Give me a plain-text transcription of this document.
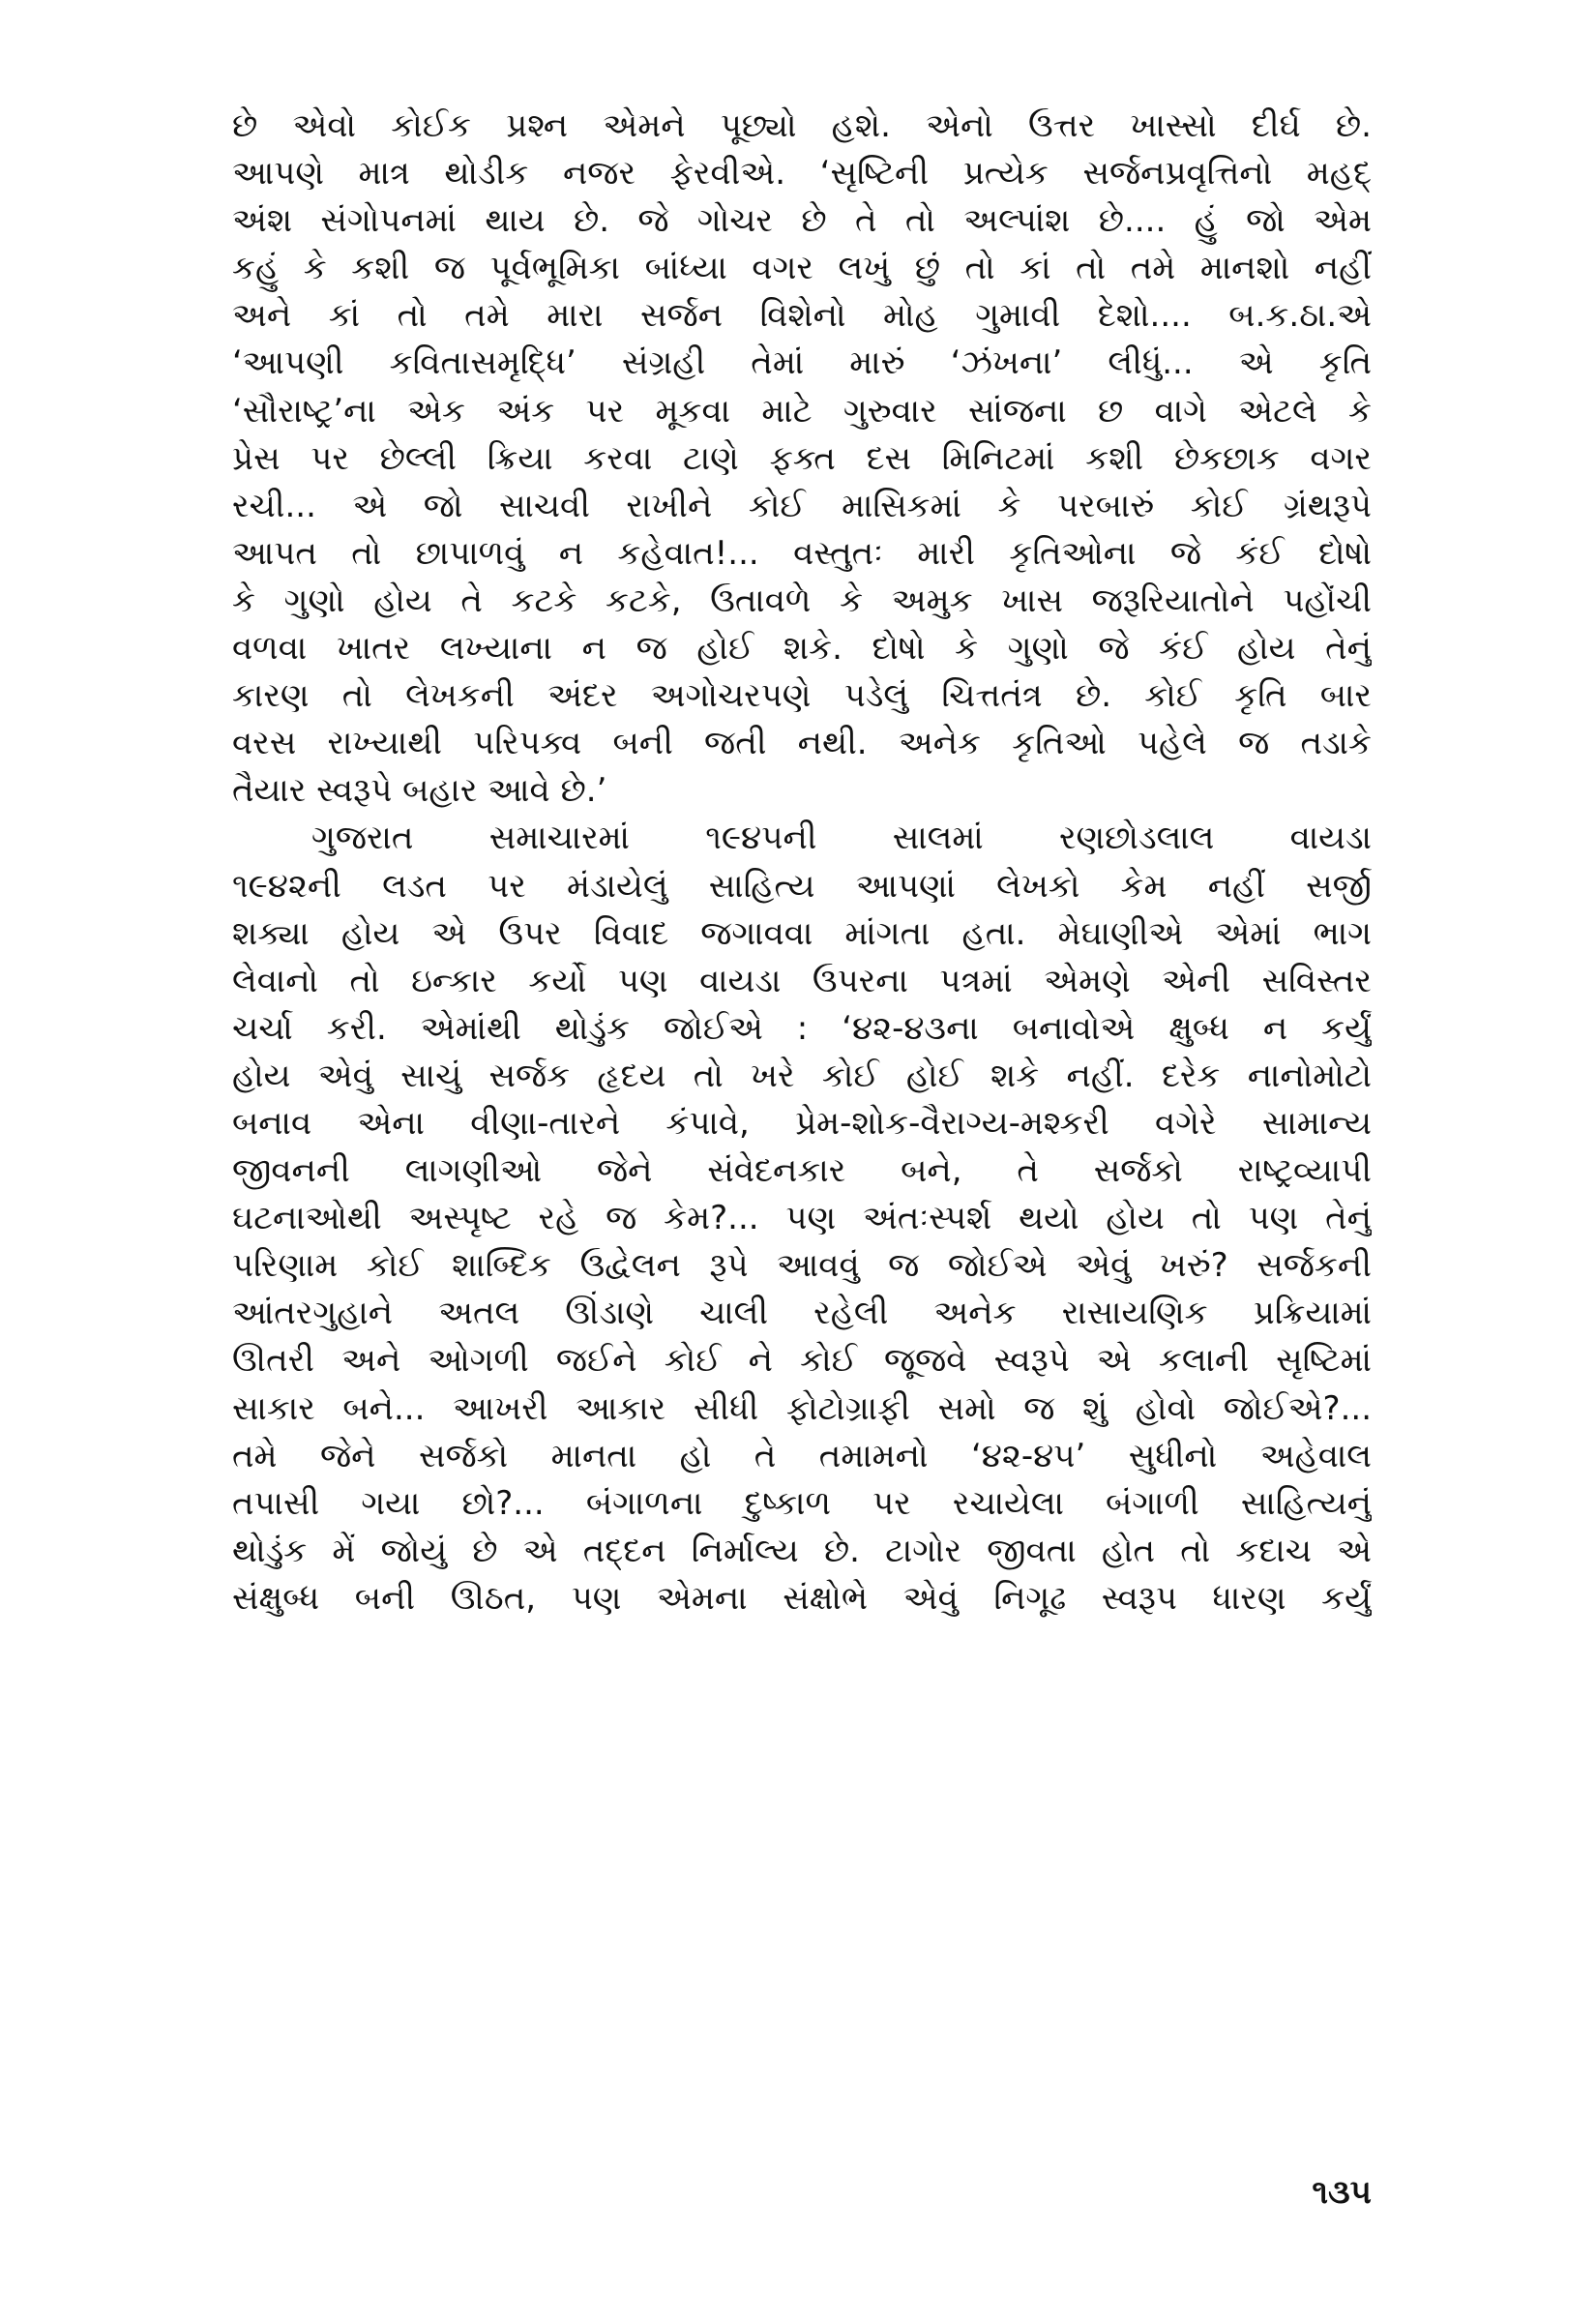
છે એવો કોઈક પ્રશ્ન એમને પૂછ્યો હશે. એનો ઉત્તર ખાસ્સો દીર્ઘ છે.
આપણે માત્ર થોડીક નજર ફેરવીએ. ‘સૃષ્ટિની પ્રત્યેક સર્જનપ્રવૃત્તિનો મહદ્
અંશ સંગોપનમાં થાય છે. જે ગોચર છે તે તો અલ્પાંશ છે.... હું જો એમ
કહું કે કશી જ પૂર્વભૂમિકા બાંધ્યા વગર લખું છું તો કાં તો તમે માનશો નહીં
અને કાં તો તમે મારા સર્જન વિશેનો મોહ ગુમાવી દેશો.... બ.ક.ઠા.એ
‘આપણી કવિતાસમૃદ્ધિ’ સંગ્રહી તેમાં મારું ‘ઝંખના’ લીધું... એ કૃતિ
‘સૌરાષ્ટ્ર’ના એક અંક પર મૂકવા માટે ગુરુવાર સાંજના છ વાગે એટલે કે
પ્રેસ પર છેલ્લી ક્રિયા કરવા ટાણે ફક્ત દસ મિનિટમાં કશી છેકછાક વગર
રચી... એ જો સાચવી રાખીને કોઈ માસિકમાં કે પરબારું કોઈ ગ્રંથરૂપે
આપત તો છાપાળવું ન કહેવાત!... વસ્તુતઃ મારી કૃતિઓના જે કંઈ દોષો
કે ગુણો હોય તે કટકે કટકે, ઉતાવળે કે અમુક ખાસ જરૂરિયાતોને પહોંચી
વળવા ખાતર લખ્યાના ન જ હોઈ શકે. દોષો કે ગુણો જે કંઈ હોય તેનું
કારણ તો લેખકની અંદર અગોચરપણે પડેલું ચિત્તતંત્ર છે. કોઈ કૃતિ બાર
વરસ રાખ્યાથી પરિપક્વ બની જતી નથી. અનેક કૃતિઓ પહેલે જ તડાકે
તૈયાર સ્વરૂપે બહાર આવે છે.’
ગુજરાત સમાચારમાં ૧૯૪૫ની સાલમાં રણછોડલાલ વાયડા
૧૯૪૨ની લડત પર મંડાયેલું સાહિત્ય આપણાં લેખકો કેમ નહીં સર્જી
શક્યા હોય એ ઉપર વિવાદ જગાવવા માંગતા હતા. મેઘાણીએ એમાં ભાગ
લેવાનો તો ઇન્કાર કર્યો પણ વાયડા ઉપરના પત્રમાં એમણે એની સવિસ્તર
ચર્ચા કરી. એમાંથી થોડુંક જોઈએ : ‘૪૨-૪૩ના બનાવોએ ક્ષુબ્ધ ન કર્યું
હોય એવું સાચું સર્જક હૃદય તો ખરે કોઈ હોઈ શકે નહીં. દરેક નાનોમોટો
બનાવ એના વીણા-તારને કંપાવે, પ્રેમ-શોક-વૈરાગ્ય-મશ્કરી વગેરે સામાન્ય
જીવનની લાગણીઓ જેને સંવેદનકાર બને, તે સર્જકો રાષ્ટ્રવ્યાપી
ઘટનાઓથી અસ્પૃષ્ટ રહે જ કેમ?... પણ અંતઃસ્પર્શ થયો હોય તો પણ તેનું
પરિણામ કોઈ શાબ્દિક ઉદ્વેલન રૂપે આવવું જ જોઈએ એવું ખરું? સર્જકની
આંતરગુહાને અતલ ઊંડાણે ચાલી રહેલી અનેક રાસાયણિક પ્રક્રિયામાં
ઊતરી અને ઓગળી જઈને કોઈ ને કોઈ જૂજવે સ્વરૂપે એ કલાની સૃષ્ટિમાં
સાકાર બને... આખરી આકાર સીધી ફોટોગ્રાફી સમો જ શું હોવો જોઈએ?...
તમે જેને સર્જકો માનતા હો તે તમામનો ‘૪૨-૪૫’ સુધીનો અહેવાલ
તપાસી ગયા છો?... બંગાળના દુષ્કાળ પર રચાયેલા બંગાળી સાહિત્યનું
થોડુંક મેં જોયું છે એ તદ્દન નિર્માલ્ય છે. ટાગોર જીવતા હોત તો કદાચ એ
સંક્ષુબ્ધ બની ઊઠત, પણ એમના સંક્ષોભે એવું નિગૂઢ સ્વરૂપ ધારણ કર્યું
૧૩૫
